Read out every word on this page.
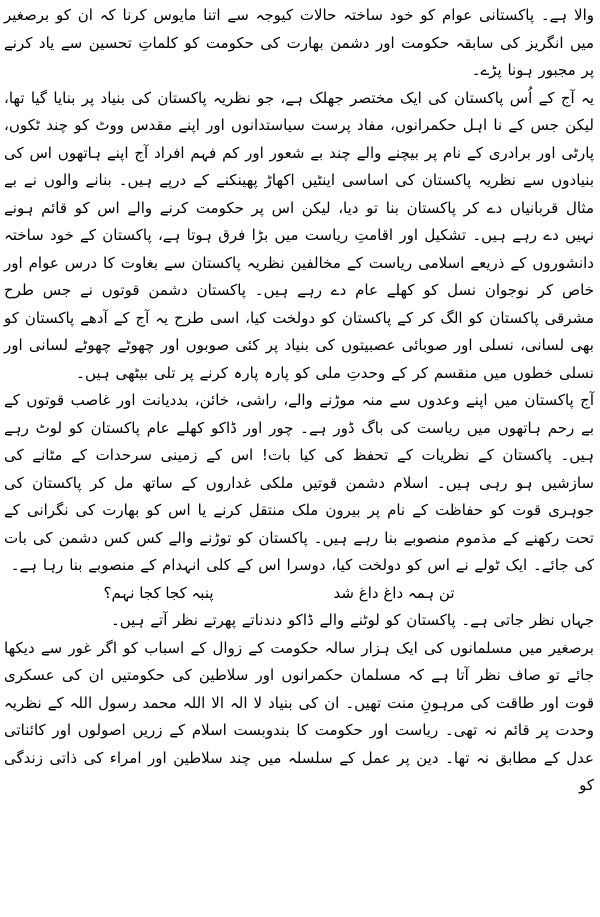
والا ہے۔ پاکستانی عوام کو خود ساختہ حالات کیوجہ سے اتنا مایوس کرنا کہ ان کو برصغیر میں انگریز کی سابقہ حکومت اور دشمن بھارت کی حکومت کو کلماتِ تحسین سے یاد کرنے پر مجبور ہونا پڑے۔

یہ آج کے اُس پاکستان کی ایک مختصر جھلک ہے، جو نظریہ پاکستان کی بنیاد پر بنایا گیا تھا، لیکن جس کے نا اہل حکمرانوں، مفاد پرست سیاستدانوں اور اپنے مقدس ووٹ کو چند ٹکوں، پارٹی اور برادری کے نام پر بیچنے والے چند بے شعور اور کم فہم افراد آج اپنے ہاتھوں اس کی بنیادوں سے نظریہ پاکستان کی اساسی اینٹیں اکھاڑ پھینکنے کے درپے ہیں۔ بنانے والوں نے بے مثال قربانیاں دے کر پاکستان بنا تو دیا، لیکن اس پر حکومت کرنے والے اس کو قائم ہونے نہیں دے رہے ہیں۔ تشکیل اور اقامتِ ریاست میں بڑا فرق ہوتا ہے، پاکستان کے خود ساختہ دانشوروں کے ذریعے اسلامی ریاست کے مخالفین نظریہ پاکستان سے بغاوت کا درس عوام اور خاص کر نوجوان نسل کو کھلے عام دے رہے ہیں۔ پاکستان دشمن قوتوں نے جس طرح مشرقی پاکستان کو الگ کر کے پاکستان کو دولخت کیا، اسی طرح یہ آج کے آدھے پاکستان کو بھی لسانی، نسلی اور صوبائی عصبیتوں کی بنیاد پر کئی صوبوں اور چھوٹے چھوٹے لسانی اور نسلی خطوں میں منقسم کر کے وحدتِ ملی کو پارہ پارہ کرنے پر تلی بیٹھی ہیں۔

آج پاکستان میں اپنے وعدوں سے منہ موڑنے والے، راشی، خائن، بددیانت اور غاصب قوتوں کے بے رحم ہاتھوں میں ریاست کی باگ ڈور ہے۔ چور اور ڈاکو کھلے عام پاکستان کو لوٹ رہے ہیں۔ پاکستان کے نظریات کے تحفظ کی کیا بات! اس کے زمینی سرحدات کے مٹانے کی سازشیں ہو رہی ہیں۔ اسلام دشمن قوتیں ملکی غداروں کے ساتھ مل کر پاکستان کی جوہری قوت کو حفاظت کے نام پر بیرون ملک منتقل کرنے یا اس کو بھارت کی نگرانی کے تحت رکھنے کے مذموم منصوبے بنا رہے ہیں۔ پاکستان کو توڑنے والے کس کس دشمن کی بات کی جائے۔ ایک ٹولے نے اس کو دولخت کیا، دوسرا اس کے کلی انہدام کے منصوبے بنا رہا ہے۔

تن ہمہ داغ داغ شد
پنبہ کجا کجا نہم؟

جہاں نظر جاتی ہے۔ پاکستان کو لوٹنے والے ڈاکو دندناتے پھرتے نظر آتے ہیں۔

برصغیر میں مسلمانوں کی ایک ہزار سالہ حکومت کے زوال کے اسباب کو اگر غور سے دیکھا جائے تو صاف نظر آتا ہے کہ مسلمان حکمرانوں اور سلاطین کی حکومتیں ان کی عسکری قوت اور طاقت کی مرہونِ منت تھیں۔ ان کی بنیاد لا الہ الا اللہ محمد رسول اللہ کے نظریہ وحدت پر قائم نہ تھی۔ ریاست اور حکومت کا بندوبست اسلام کے زریں اصولوں اور کائناتی عدل کے مطابق نہ تھا۔ دین پر عمل کے سلسلہ میں چند سلاطین اور امراء کی ذاتی زندگی کو
